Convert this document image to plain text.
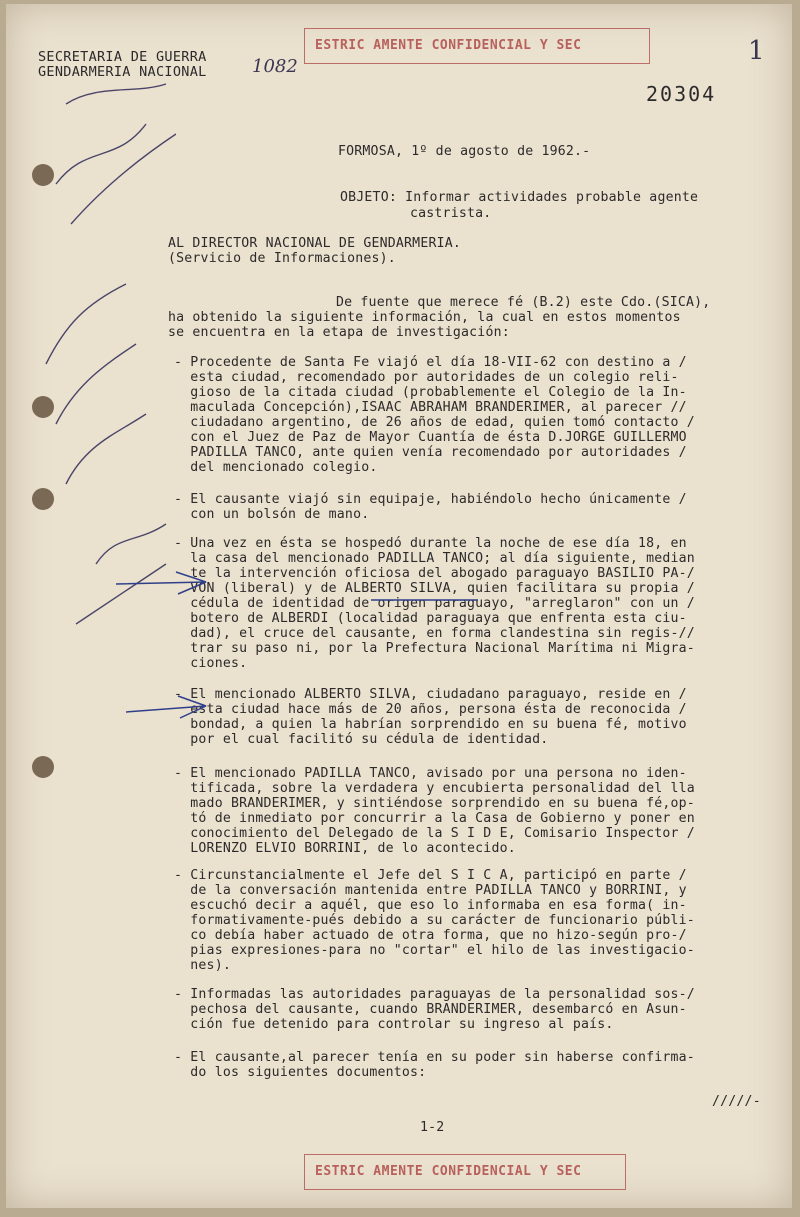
SECRETARIA DE GUERRA
GENDARMERIA NACIONAL	1082
ESTRIC AMENTE CONFIDENCIAL Y SEC	1
20304
FORMOSA, 1º de agosto de 1962.-
OBJETO: Informar actividades probable agente
castrista.
AL DIRECTOR NACIONAL DE GENDARMERIA.
(Servicio de Informaciones).
De fuente que merece fé (B.2) este Cdo.(SICA),
ha obtenido la siguiente información, la cual en estos momentos
se encuentra en la etapa de investigación:
- Procedente de Santa Fe viajó el día 18-VII-62 con destino a /
esta ciudad, recomendado por autoridades de un colegio reli-
gioso de la citada ciudad (probablemente el Colegio de la In-
maculada Concepción),ISAAC ABRAHAM BRANDERIMER, al parecer //
ciudadano argentino, de 26 años de edad, quien tomó contacto /
con el Juez de Paz de Mayor Cuantía de ésta D.JORGE GUILLERMO
PADILLA TANCO, ante quien venía recomendado por autoridades /
del mencionado colegio.
- El causante viajó sin equipaje, habiéndolo hecho únicamente /
con un bolsón de mano.
- Una vez en ésta se hospedó durante la noche de ese día 18, en
la casa del mencionado PADILLA TANCO; al día siguiente, median
te la intervención oficiosa del abogado paraguayo BASILIO PA-/
VON (liberal) y de ALBERTO SILVA, quien facilitara su propia /
cédula de identidad de origen paraguayo, "arreglaron" con un /
botero de ALBERDI (localidad paraguaya que enfrenta esta ciu-
dad), el cruce del causante, en forma clandestina sin regis-//
trar su paso ni, por la Prefectura Nacional Marítima ni Migra-
ciones.
- El mencionado ALBERTO SILVA, ciudadano paraguayo, reside en /
esta ciudad hace más de 20 años, persona ésta de reconocida /
bondad, a quien la habrían sorprendido en su buena fé, motivo
por el cual facilitó su cédula de identidad.
- El mencionado PADILLA TANCO, avisado por una persona no iden-
tificada, sobre la verdadera y encubierta personalidad del lla
mado BRANDERIMER, y sintiéndose sorprendido en su buena fé,op-
tó de inmediato por concurrir a la Casa de Gobierno y poner en
conocimiento del Delegado de la S I D E, Comisario Inspector /
LORENZO ELVIO BORRINI, de lo acontecido.
- Circunstancialmente el Jefe del S I C A, participó en parte /
de la conversación mantenida entre PADILLA TANCO y BORRINI, y
escuchó decir a aquél, que eso lo informaba en esa forma( in-
formativamente-pués debido a su carácter de funcionario públi-
co debía haber actuado de otra forma, que no hizo-según pro-/
pias expresiones-para no "cortar" el hilo de las investigacio-
nes).
- Informadas las autoridades paraguayas de la personalidad sos-/
pechosa del causante, cuando BRANDERIMER, desembarcó en Asun-
ción fue detenido para controlar su ingreso al país.
- El causante,al parecer tenía en su poder sin haberse confirma-
do los siguientes documentos:
/////-
1-2
ESTRIC AMENTE CONFIDENCIAL Y SEC
